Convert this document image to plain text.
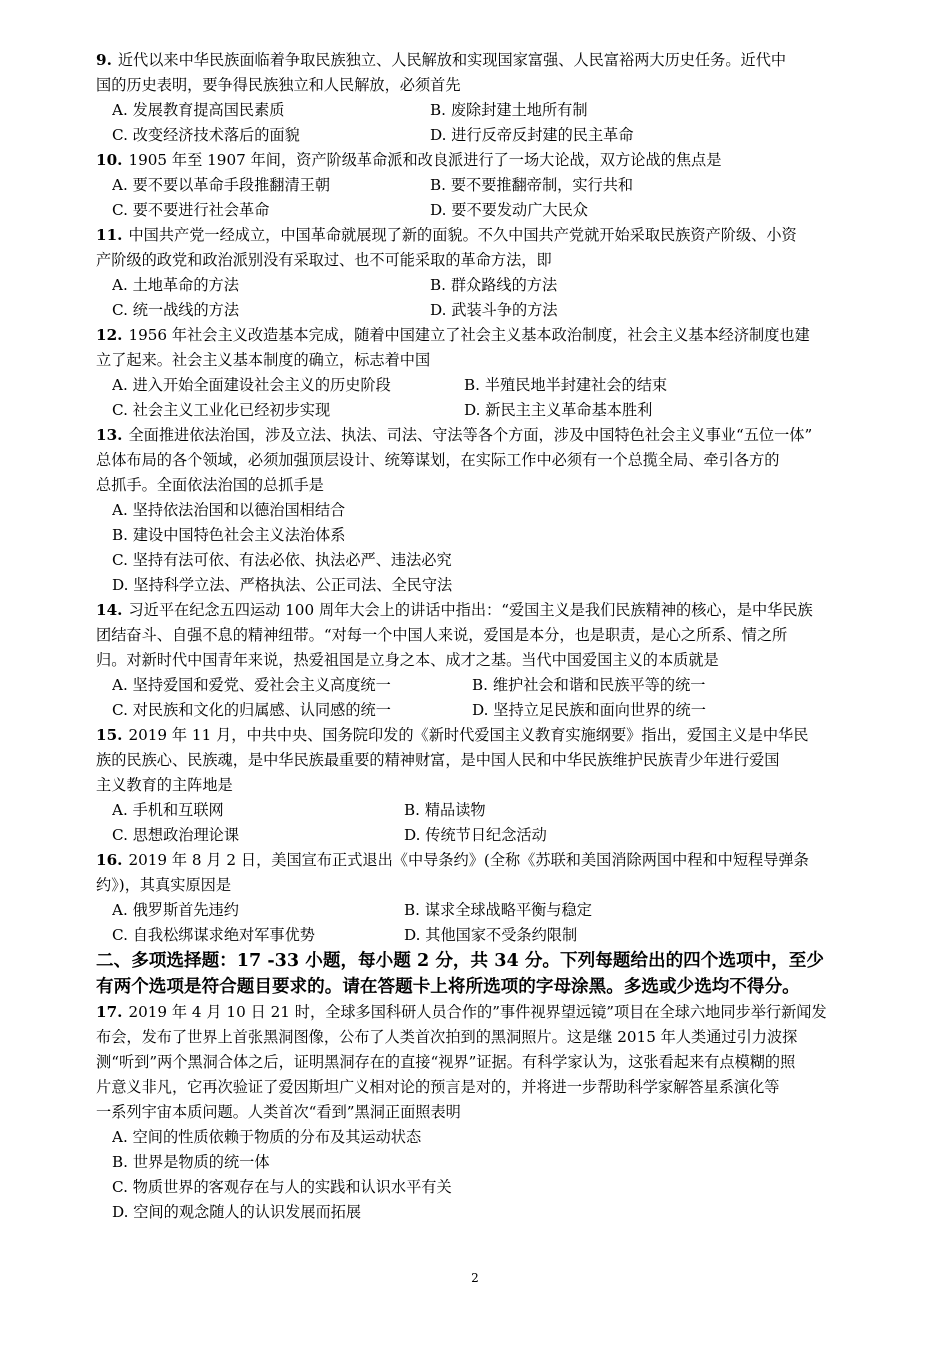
9. 近代以来中华民族面临着争取民族独立、人民解放和实现国家富强、人民富裕两大历史任务。近代中
国的历史表明，要争得民族独立和人民解放，必须首先
A. 发展教育提高国民素质	B. 废除封建土地所有制
C. 改变经济技术落后的面貌	D. 进行反帝反封建的民主革命
10. 1905 年至 1907 年间，资产阶级革命派和改良派进行了一场大论战，双方论战的焦点是
A. 要不要以革命手段推翻清王朝	B. 要不要推翻帝制，实行共和
C. 要不要进行社会革命	D. 要不要发动广大民众
11. 中国共产党一经成立，中国革命就展现了新的面貌。不久中国共产党就开始采取民族资产阶级、小资
产阶级的政党和政治派别没有采取过、也不可能采取的革命方法，即
A. 土地革命的方法	B. 群众路线的方法
C. 统一战线的方法	D. 武装斗争的方法
12. 1956 年社会主义改造基本完成，随着中国建立了社会主义基本政治制度，社会主义基本经济制度也建
立了起来。社会主义基本制度的确立，标志着中国
A. 进入开始全面建设社会主义的历史阶段	B. 半殖民地半封建社会的结束
C. 社会主义工业化已经初步实现	D. 新民主主义革命基本胜利
13. 全面推进依法治国，涉及立法、执法、司法、守法等各个方面，涉及中国特色社会主义事业“五位一体”
总体布局的各个领域，必须加强顶层设计、统筹谋划，在实际工作中必须有一个总揽全局、牵引各方的
总抓手。全面依法治国的总抓手是
A. 坚持依法治国和以德治国相结合
B. 建设中国特色社会主义法治体系
C. 坚持有法可依、有法必依、执法必严、违法必究
D. 坚持科学立法、严格执法、公正司法、全民守法
14. 习近平在纪念五四运动 100 周年大会上的讲话中指出：“爱国主义是我们民族精神的核心，是中华民族
团结奋斗、自强不息的精神纽带。“对每一个中国人来说，爱国是本分，也是职责，是心之所系、情之所
归。对新时代中国青年来说，热爱祖国是立身之本、成才之基。当代中国爱国主义的本质就是
A. 坚持爱国和爱党、爱社会主义高度统一	B. 维护社会和谐和民族平等的统一
C. 对民族和文化的归属感、认同感的统一	D. 坚持立足民族和面向世界的统一
15. 2019 年 11 月，中共中央、国务院印发的《新时代爱国主义教育实施纲要》指出，爱国主义是中华民
族的民族心、民族魂，是中华民族最重要的精神财富，是中国人民和中华民族维护民族青少年进行爱国
主义教育的主阵地是
A. 手机和互联网	B. 精品读物
C. 思想政治理论课	D. 传统节日纪念活动
16. 2019 年 8 月 2 日，美国宣布正式退出《中导条约》(全称《苏联和美国消除两国中程和中短程导弹条
约》)，其真实原因是
A. 俄罗斯首先违约	B. 谋求全球战略平衡与稳定
C. 自我松绑谋求绝对军事优势	D. 其他国家不受条约限制
二、多项选择题：17 -33 小题，每小题 2 分，共 34 分。下列每题给出的四个选项中，至少
有两个选项是符合题目要求的。请在答题卡上将所选项的字母涂黑。多选或少选均不得分。
17. 2019 年 4 月 10 日 21 时，全球多国科研人员合作的”事件视界望远镜”项目在全球六地同步举行新闻发
布会，发布了世界上首张黑洞图像，公布了人类首次拍到的黑洞照片。这是继 2015 年人类通过引力波探
测“听到”两个黑洞合体之后，证明黑洞存在的直接“视界”证据。有科学家认为，这张看起来有点模糊的照
片意义非凡，它再次验证了爱因斯坦广义相对论的预言是对的，并将进一步帮助科学家解答星系演化等
一系列宇宙本质问题。人类首次“看到”黑洞正面照表明
A. 空间的性质依赖于物质的分布及其运动状态
B. 世界是物质的统一体
C. 物质世界的客观存在与人的实践和认识水平有关
D. 空间的观念随人的认识发展而拓展
2
